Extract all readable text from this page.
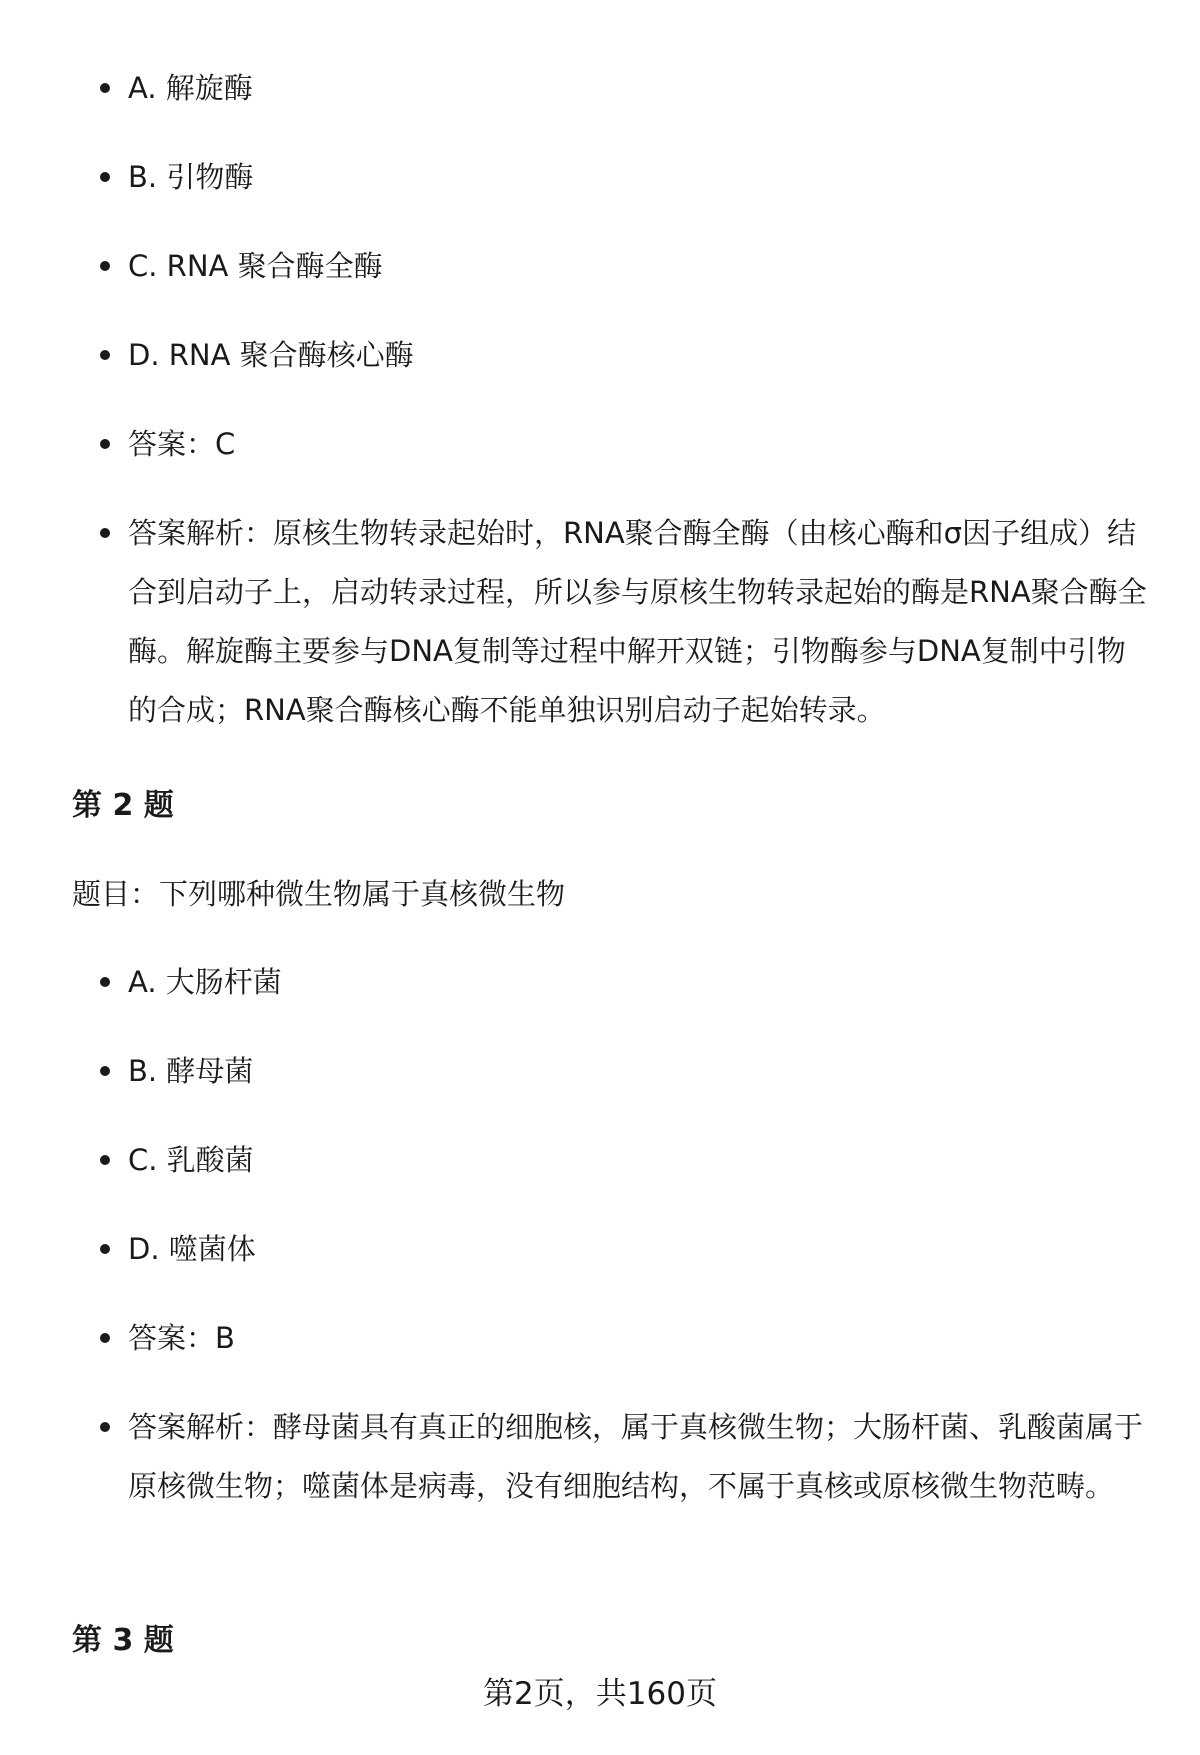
A. 解旋酶
B. 引物酶
C. RNA 聚合酶全酶
D. RNA 聚合酶核心酶
答案：C
答案解析：原核生物转录起始时，RNA聚合酶全酶（由核心酶和σ因子组成）结合到启动子上，启动转录过程，所以参与原核生物转录起始的酶是RNA聚合酶全酶。解旋酶主要参与DNA复制等过程中解开双链；引物酶参与DNA复制中引物的合成；RNA聚合酶核心酶不能单独识别启动子起始转录。

第 2 题

题目：下列哪种微生物属于真核微生物

A. 大肠杆菌
B. 酵母菌
C. 乳酸菌
D. 噬菌体
答案：B
答案解析：酵母菌具有真正的细胞核，属于真核微生物；大肠杆菌、乳酸菌属于原核微生物；噬菌体是病毒，没有细胞结构，不属于真核或原核微生物范畴。

第 3 题

第2页，共160页
